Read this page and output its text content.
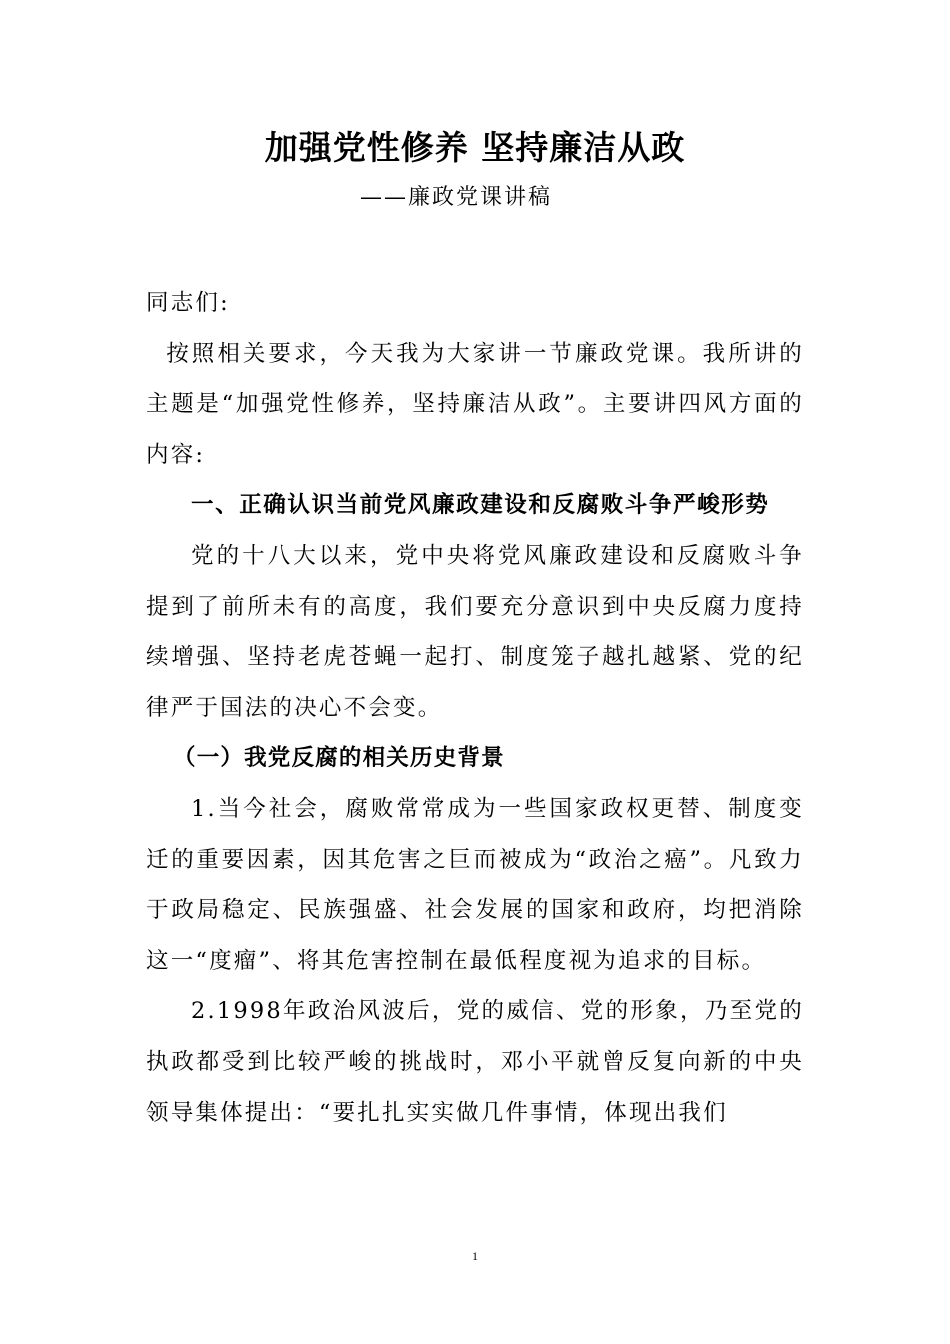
加强党性修养 坚持廉洁从政
——廉政党课讲稿

同志们:

按照相关要求，今天我为大家讲一节廉政党课。我所讲的主题是“加强党性修养，坚持廉洁从政”。主要讲四风方面的内容:

一、正确认识当前党风廉政建设和反腐败斗争严峻形势

党的十八大以来，党中央将党风廉政建设和反腐败斗争提到了前所未有的高度，我们要充分意识到中央反腐力度持续增强、坚持老虎苍蝇一起打、制度笼子越扎越紧、党的纪律严于国法的决心不会变。

（一）我党反腐的相关历史背景

1.当今社会，腐败常常成为一些国家政权更替、制度变迁的重要因素，因其危害之巨而被成为“政治之癌”。凡致力于政局稳定、民族强盛、社会发展的国家和政府，均把消除这一“度瘤”、将其危害控制在最低程度视为追求的目标。

2.1998年政治风波后，党的威信、党的形象，乃至党的执政都受到比较严峻的挑战时，邓小平就曾反复向新的中央领导集体提出：“要扎扎实实做几件事情，体现出我们

1
